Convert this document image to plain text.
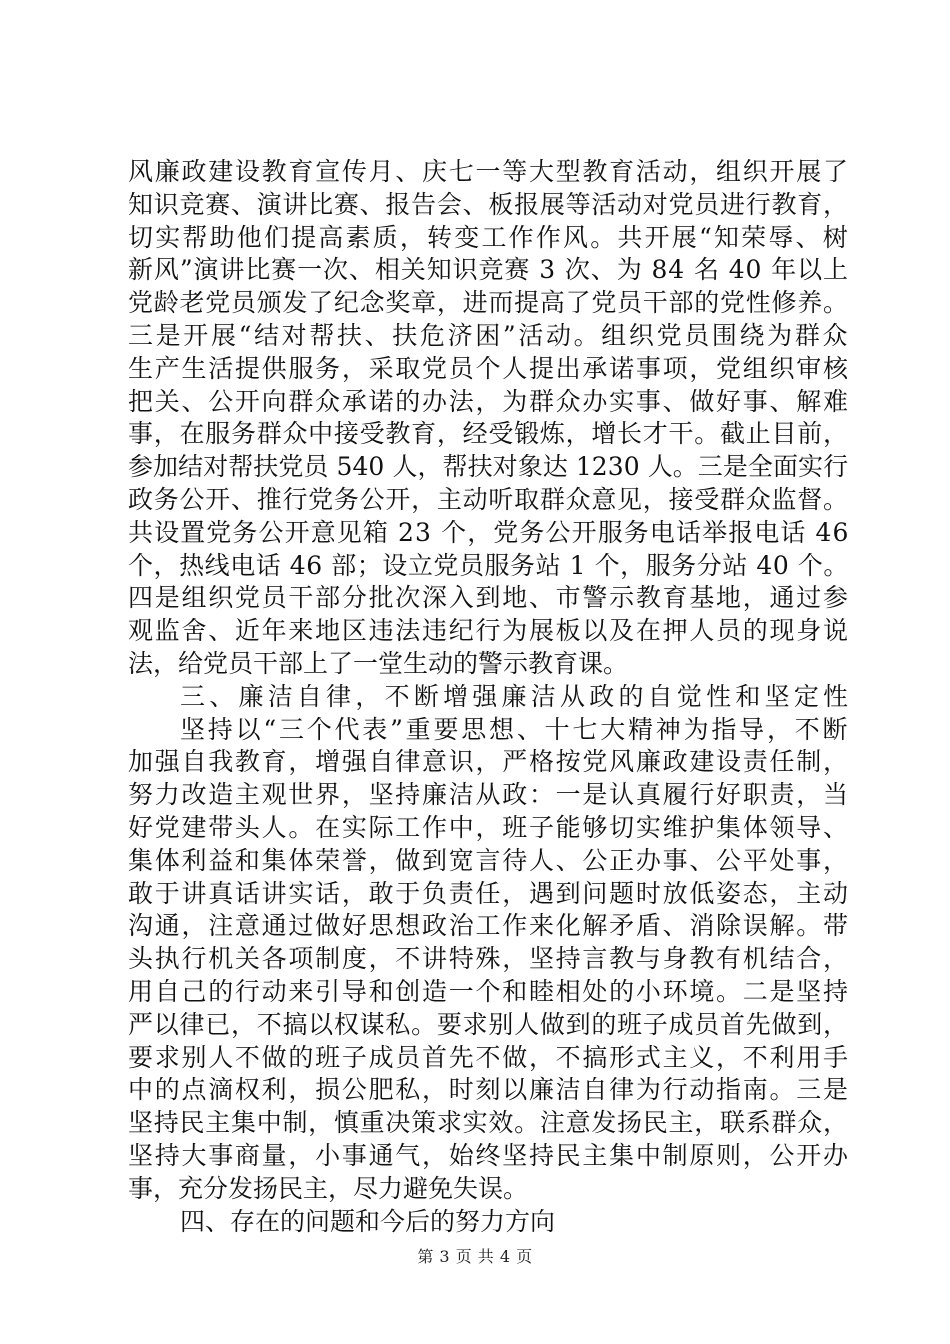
风廉政建设教育宣传月、庆七一等大型教育活动，组织开展了
知识竞赛、演讲比赛、报告会、板报展等活动对党员进行教育，
切实帮助他们提高素质，转变工作作风。共开展“知荣辱、树
新风”演讲比赛一次、相关知识竞赛 3 次、为 84 名 40 年以上
党龄老党员颁发了纪念奖章，进而提高了党员干部的党性修养。
三是开展“结对帮扶、扶危济困”活动。组织党员围绕为群众
生产生活提供服务，采取党员个人提出承诺事项，党组织审核
把关、公开向群众承诺的办法，为群众办实事、做好事、解难
事，在服务群众中接受教育，经受锻炼，增长才干。截止目前，
参加结对帮扶党员 540 人，帮扶对象达 1230 人。三是全面实行
政务公开、推行党务公开，主动听取群众意见，接受群众监督。
共设置党务公开意见箱 23 个，党务公开服务电话举报电话 46
个，热线电话 46 部；设立党员服务站 1 个，服务分站 40 个。
四是组织党员干部分批次深入到地、市警示教育基地，通过参
观监舍、近年来地区违法违纪行为展板以及在押人员的现身说
法，给党员干部上了一堂生动的警示教育课。
三、廉洁自律，不断增强廉洁从政的自觉性和坚定性
坚持以“三个代表”重要思想、十七大精神为指导，不断
加强自我教育，增强自律意识，严格按党风廉政建设责任制，
努力改造主观世界，坚持廉洁从政：一是认真履行好职责，当
好党建带头人。在实际工作中，班子能够切实维护集体领导、
集体利益和集体荣誉，做到宽言待人、公正办事、公平处事，
敢于讲真话讲实话，敢于负责任，遇到问题时放低姿态，主动
沟通，注意通过做好思想政治工作来化解矛盾、消除误解。带
头执行机关各项制度，不讲特殊，坚持言教与身教有机结合，
用自己的行动来引导和创造一个和睦相处的小环境。二是坚持
严以律已，不搞以权谋私。要求别人做到的班子成员首先做到，
要求别人不做的班子成员首先不做，不搞形式主义，不利用手
中的点滴权利，损公肥私，时刻以廉洁自律为行动指南。三是
坚持民主集中制，慎重决策求实效。注意发扬民主，联系群众，
坚持大事商量，小事通气，始终坚持民主集中制原则，公开办
事，充分发扬民主，尽力避免失误。
四、存在的问题和今后的努力方向
第 3 页 共 4 页
